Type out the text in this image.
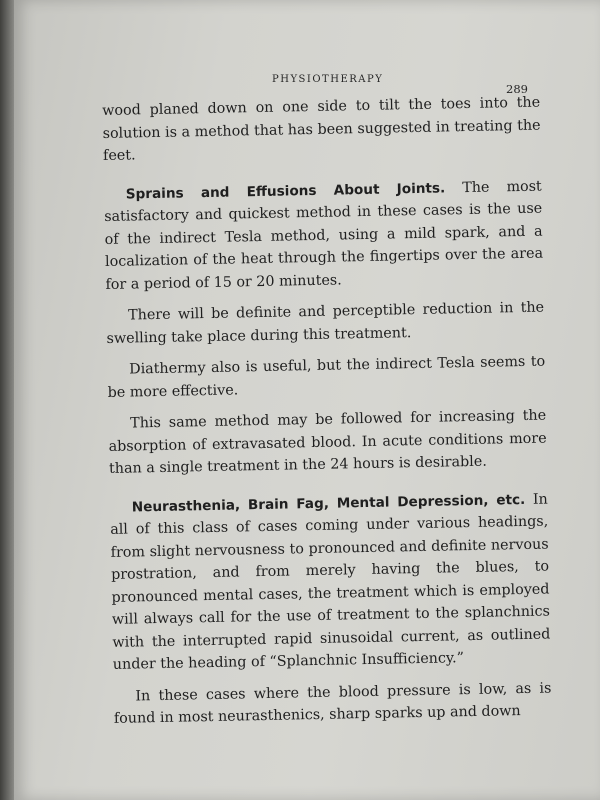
PHYSIOTHERAPY
289

wood planed down on one side to tilt the toes into the solution is a method that has been suggested in treating the feet.

Sprains and Effusions About Joints. The most satisfactory and quickest method in these cases is the use of the indirect Tesla method, using a mild spark, and a localization of the heat through the fingertips over the area for a period of 15 or 20 minutes.

There will be definite and perceptible reduction in the swelling take place during this treatment.

Diathermy also is useful, but the indirect Tesla seems to be more effective.

This same method may be followed for increasing the absorption of extravasated blood. In acute conditions more than a single treatment in the 24 hours is desirable.

Neurasthenia, Brain Fag, Mental Depression, etc. In all of this class of cases coming under various headings, from slight nervousness to pronounced and definite nervous prostration, and from merely having the blues, to pronounced mental cases, the treatment which is employed will always call for the use of treatment to the splanchnics with the interrupted rapid sinusoidal current, as outlined under the heading of “Splanchnic Insufficiency.”

In these cases where the blood pressure is low, as is found in most neurasthenics, sharp sparks up and down
